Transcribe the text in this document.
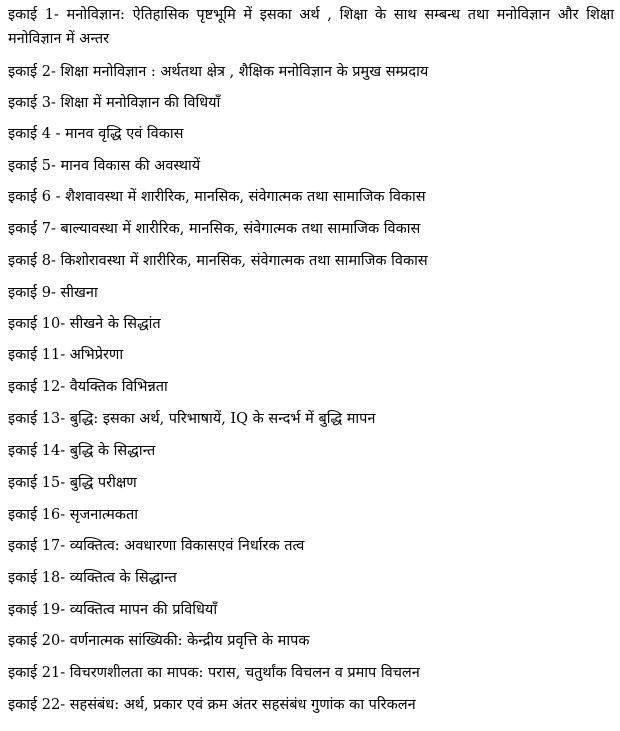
इकाई 1- मनोविज्ञान: ऐतिहासिक पृष्टभूमि में इसका अर्थ , शिक्षा के साथ सम्बन्ध तथा मनोविज्ञान और शिक्षा मनोविज्ञान में अन्तर
इकाई 2- शिक्षा मनोविज्ञान : अर्थतथा क्षेत्र , शैक्षिक मनोविज्ञान के प्रमुख सम्प्रदाय
इकाई 3- शिक्षा में मनोविज्ञान की विधियाँ
इकाई 4 - मानव वृद्धि एवं विकास
इकाई 5- मानव विकास की अवस्थायें
इकाई 6 - शैशवावस्था में शारीरिक, मानसिक, संवेगात्मक तथा सामाजिक विकास
इकाई 7- बाल्यावस्था में शारीरिक, मानसिक, संवेगात्मक तथा सामाजिक विकास
इकाई 8- किशोरावस्था में शारीरिक, मानसिक, संवेगात्मक तथा सामाजिक विकास
इकाई 9- सीखना
इकाई 10- सीखने के सिद्धांत
इकाई 11- अभिप्रेरणा
इकाई 12- वैयक्तिक विभिन्नता
इकाई 13- बुद्धि: इसका अर्थ, परिभाषायें, IQ के सन्दर्भ में बुद्धि मापन
इकाई 14- बुद्धि के सिद्धान्त
इकाई 15- बुद्धि परीक्षण
इकाई 16- सृजनात्मकता
इकाई 17- व्यक्तित्व: अवधारणा विकासएवं निर्धारक तत्व
इकाई 18- व्यक्तित्व के सिद्धान्त
इकाई 19- व्यक्तित्व मापन की प्रविधियाँ
इकाई 20- वर्णनात्मक सांख्यिकी: केन्द्रीय प्रवृत्ति के मापक
इकाई 21- विचरणशीलता का मापक: परास, चतुर्थांक विचलन व प्रमाप विचलन
इकाई 22- सहसंबंध: अर्थ, प्रकार एवं क्रम अंतर सहसंबंध गुणांक का परिकलन
